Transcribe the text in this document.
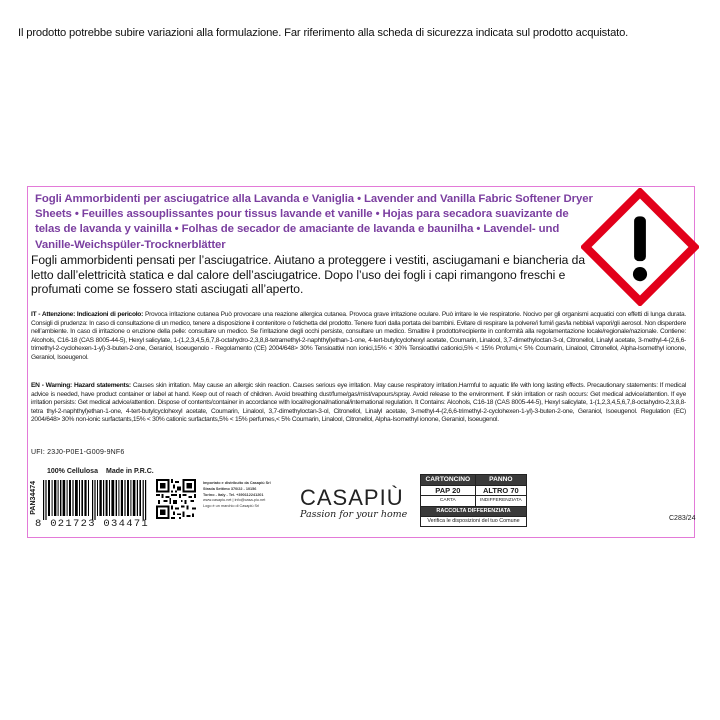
Il prodotto potrebbe subire variazioni alla formulazione. Far riferimento alla scheda di sicurezza indicata sul prodotto acquistato.
Fogli Ammorbidenti per asciugatrice alla Lavanda e Vaniglia • Lavender and Vanilla Fabric Softener Dryer Sheets • Feuilles assouplissantes pour tissus lavande et vanille • Hojas para secadora suavizante de telas de lavanda y vainilla • Folhas de secador de amaciante de lavanda e baunilha • Lavendel- und Vanille-Weichspüler-Trocknerblätter
Fogli ammorbidenti pensati per l’asciugatrice. Aiutano a proteggere i vestiti, asciugamani e biancheria da letto dall’elettricità statica e dal calore dell’asciugatrice. Dopo l’uso dei fogli i capi rimangono freschi e profumati come se fossero stati asciugati all’aperto.
IT - Attenzione: Indicazioni di pericolo: Provoca irritazione cutanea Può provocare una reazione allergica cutanea. Provoca grave irritazione oculare. Può irritare le vie respiratorie. Nocivo per gli organismi acquatici con effetti di lunga durata. Consigli di prudenza: In caso di consultazione di un medico, tenere a disposizione il contenitore o l’etichetta del prodotto. Tenere fuori dalla portata dei bambini. Evitare di respirare la polvere/i fumi/i gas/la nebbia/i vapori/gli aerosol. Non disperdere nell’ambiente. In caso di irritazione o eruzione della pelle: consultare un medico. Se l’irritazione degli occhi persiste, consultare un medico. Smaltire il prodotto/recipiente in conformità alla regolamentazione locale/regionale/nazionale. Contiene: Alcohols, C16-18 (CAS 8005-44-5), Hexyl salicylate, 1-(1,2,3,4,5,6,7,8-octahydro-2,3,8,8-tetramethyl-2-naphthyl)ethan-1-one, 4-tert-butylcyclohexyl acetate, Coumarin, Linalool, 3,7-dimethyloctan-3-ol, Citronellol, Linalyl acetate, 3-methyl-4-(2,6,6-trimethyl-2-cyclohexen-1-yl)-3-buten-2-one, Geraniol, Isoeugenolo - Regolamento (CE) 2004/648> 30% Tensioattivi non ionici,15% < 30% Tensioattivi cationici,5% < 15% Profumi,< 5% Coumarin, Linalool, Citronellol, Alpha-Isomethyl ionone, Geraniol, Isoeugenol.
EN - Warning: Hazard statements: Causes skin irritation. May cause an allergic skin reaction. Causes serious eye irritation. May cause respiratory irritation.Harmful to aquatic life with long lasting effects. Precautionary statements: If medical advice is needed, have product container or label at hand. Keep out of reach of children. Avoid breathing dust/fume/gas/mist/vapours/spray. Avoid release to the environment. If skin irritation or rash occurs: Get medical advice/attention. If eye irritation persists: Get medical advice/attention. Dispose of contents/container in accordance with local/regional/national/international regulation. It Contains: Alcohols, C16-18 (CAS 8005-44-5), Hexyl salicylate, 1-(1,2,3,4,5,6,7,8-octahydro-2,3,8,8-tetra thyl-2-naphthyl)ethan-1-one, 4-tert-butylcyclohexyl acetate, Coumarin, Linalool, 3,7-dimethyloctan-3-ol, Citronellol, Linalyl acetate, 3-methyl-4-(2,6,6-trimethyl-2-cyclohexen-1-yl)-3-buten-2-one, Geraniol, Isoeugenol. Regulation (EC) 2004/648> 30% non-ionic surfactants,15% < 30% cationic surfactants,5% < 15% perfumes,< 5% Coumarin, Linalool, Citronellol, Alpha-Isomethyl ionone, Geraniol, Isoeugenol.
UFI: 23J0-P0E1-G009-9NF6
100% Cellulosa Made in P.R.C.
PAN34474
8 021723 034471
Importato e distribuito da Casapiù Srl
Strada Settimo 370/22 - 10156
Torino - Italy - Tel. +390112241201
www.casapiu.net | info@casa-piu.net
Logo è un marchio di Casapiù Srl	CASAPIÙ
Passion for your home
CARTONCINO	PANNO
PAP 20	ALTRO 70
CARTA	INDIFFERENZIATA
RACCOLTA DIFFERENZIATA	
Verifica le disposizioni del tuo Comune		C283/24
